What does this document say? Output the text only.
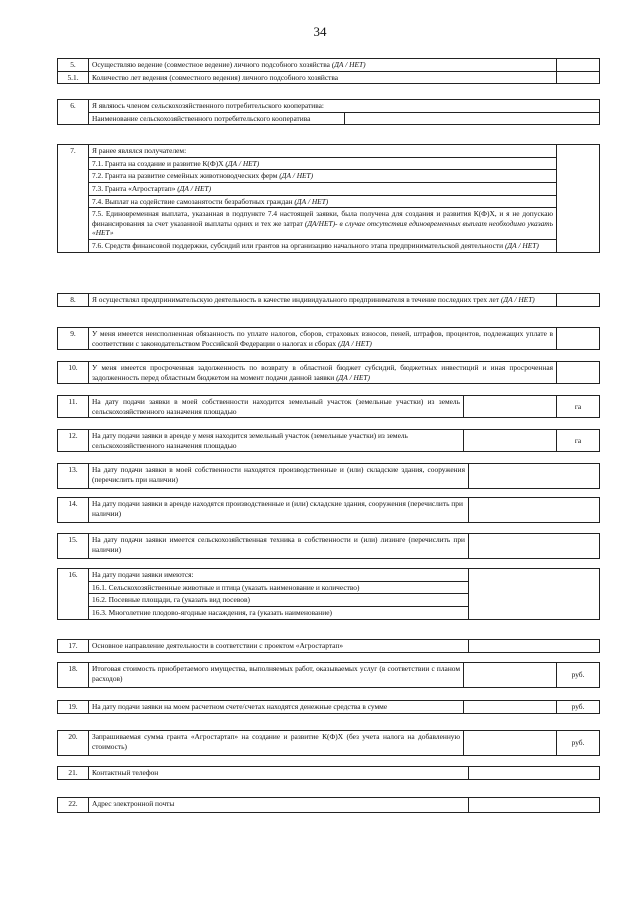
34
5.	Осуществляю ведение (совместное ведение) личного подсобного хозяйства (ДА / НЕТ)	
5.1.	Количество лет ведения (совместного ведения) личного подсобного хозяйства	
6.	Я являюсь членом сельскохозяйственного потребительского кооператива:	
	Наименование сельскохозяйственного потребительского кооператива	
7.	Я ранее являлся получателем:	
7.1. Гранта на создание и развитие К(Ф)Х (ДА / НЕТ)
7.2. Гранта на развитие семейных животноводческих ферм (ДА / НЕТ)
7.3. Гранта «Агростартап» (ДА / НЕТ)
7.4. Выплат на содействие самозанятости безработных граждан (ДА / НЕТ)
7.5. Единовременная выплата, указанная в подпункте 7.4 настоящей заявки, была получена для создания и развития К(Ф)Х, и я не допускаю финансирования за счет указанной выплаты одних и тех же затрат (ДА/НЕТ)- в случае отсутствия единовременных выплат необходимо указать «НЕТ»
7.6. Средств финансовой поддержки, субсидий или грантов на организацию начального этапа предпринимательской деятельности (ДА / НЕТ)
8.	Я осуществлял предпринимательскую деятельность в качестве индивидуального предпринимателя в течение последних трех лет (ДА / НЕТ)	
9.	У меня имеется неисполненная обязанность по уплате налогов, сборов, страховых взносов, пеней, штрафов, процентов, подлежащих уплате в соответствии с законодательством Российской Федерации о налогах и сборах (ДА / НЕТ)	
10.	У меня имеется просроченная задолженность по возврату в областной бюджет субсидий, бюджетных инвестиций и иная просроченная задолженность перед областным бюджетом на момент подачи данной заявки (ДА / НЕТ)	
11.	На дату подачи заявки в моей собственности находится земельный участок (земельные участки) из земель сельскохозяйственного назначения площадью		га
12.	На дату подачи заявки в аренде у меня находится земельный участок (земельные участки) из земель сельскохозяйственного назначения площадью		га
13.	На дату подачи заявки в моей собственности находятся производственные и (или) складские здания, сооружения (перечислить при наличии)	
14.	На дату подачи заявки в аренде находятся производственные и (или) складские здания, сооружения (перечислить при наличии)	
15.	На дату подачи заявки имеется сельскохозяйственная техника в собственности и (или) лизинге (перечислить при наличии)	
16.	На дату подачи заявки имеются:	
16.1. Сельскохозяйственные животные и птица (указать наименование и количество)
16.2. Посевные площади, га (указать вид посевов)
16.3. Многолетние плодово-ягодные насаждения, га (указать наименование)
17.	Основное направление деятельности в соответствии с проектом «Агростартап»	
18.	Итоговая стоимость приобретаемого имущества, выполняемых работ, оказываемых услуг (в соответствии с планом расходов)		руб.
19.	На дату подачи заявки на моем расчетном счете/счетах находятся денежные средства в сумме		руб.
20.	Запрашиваемая сумма гранта «Агростартап» на создание и развитие К(Ф)Х (без учета налога на добавленную стоимость)		руб.
21.	Контактный телефон	
22.	Адрес электронной почты	
